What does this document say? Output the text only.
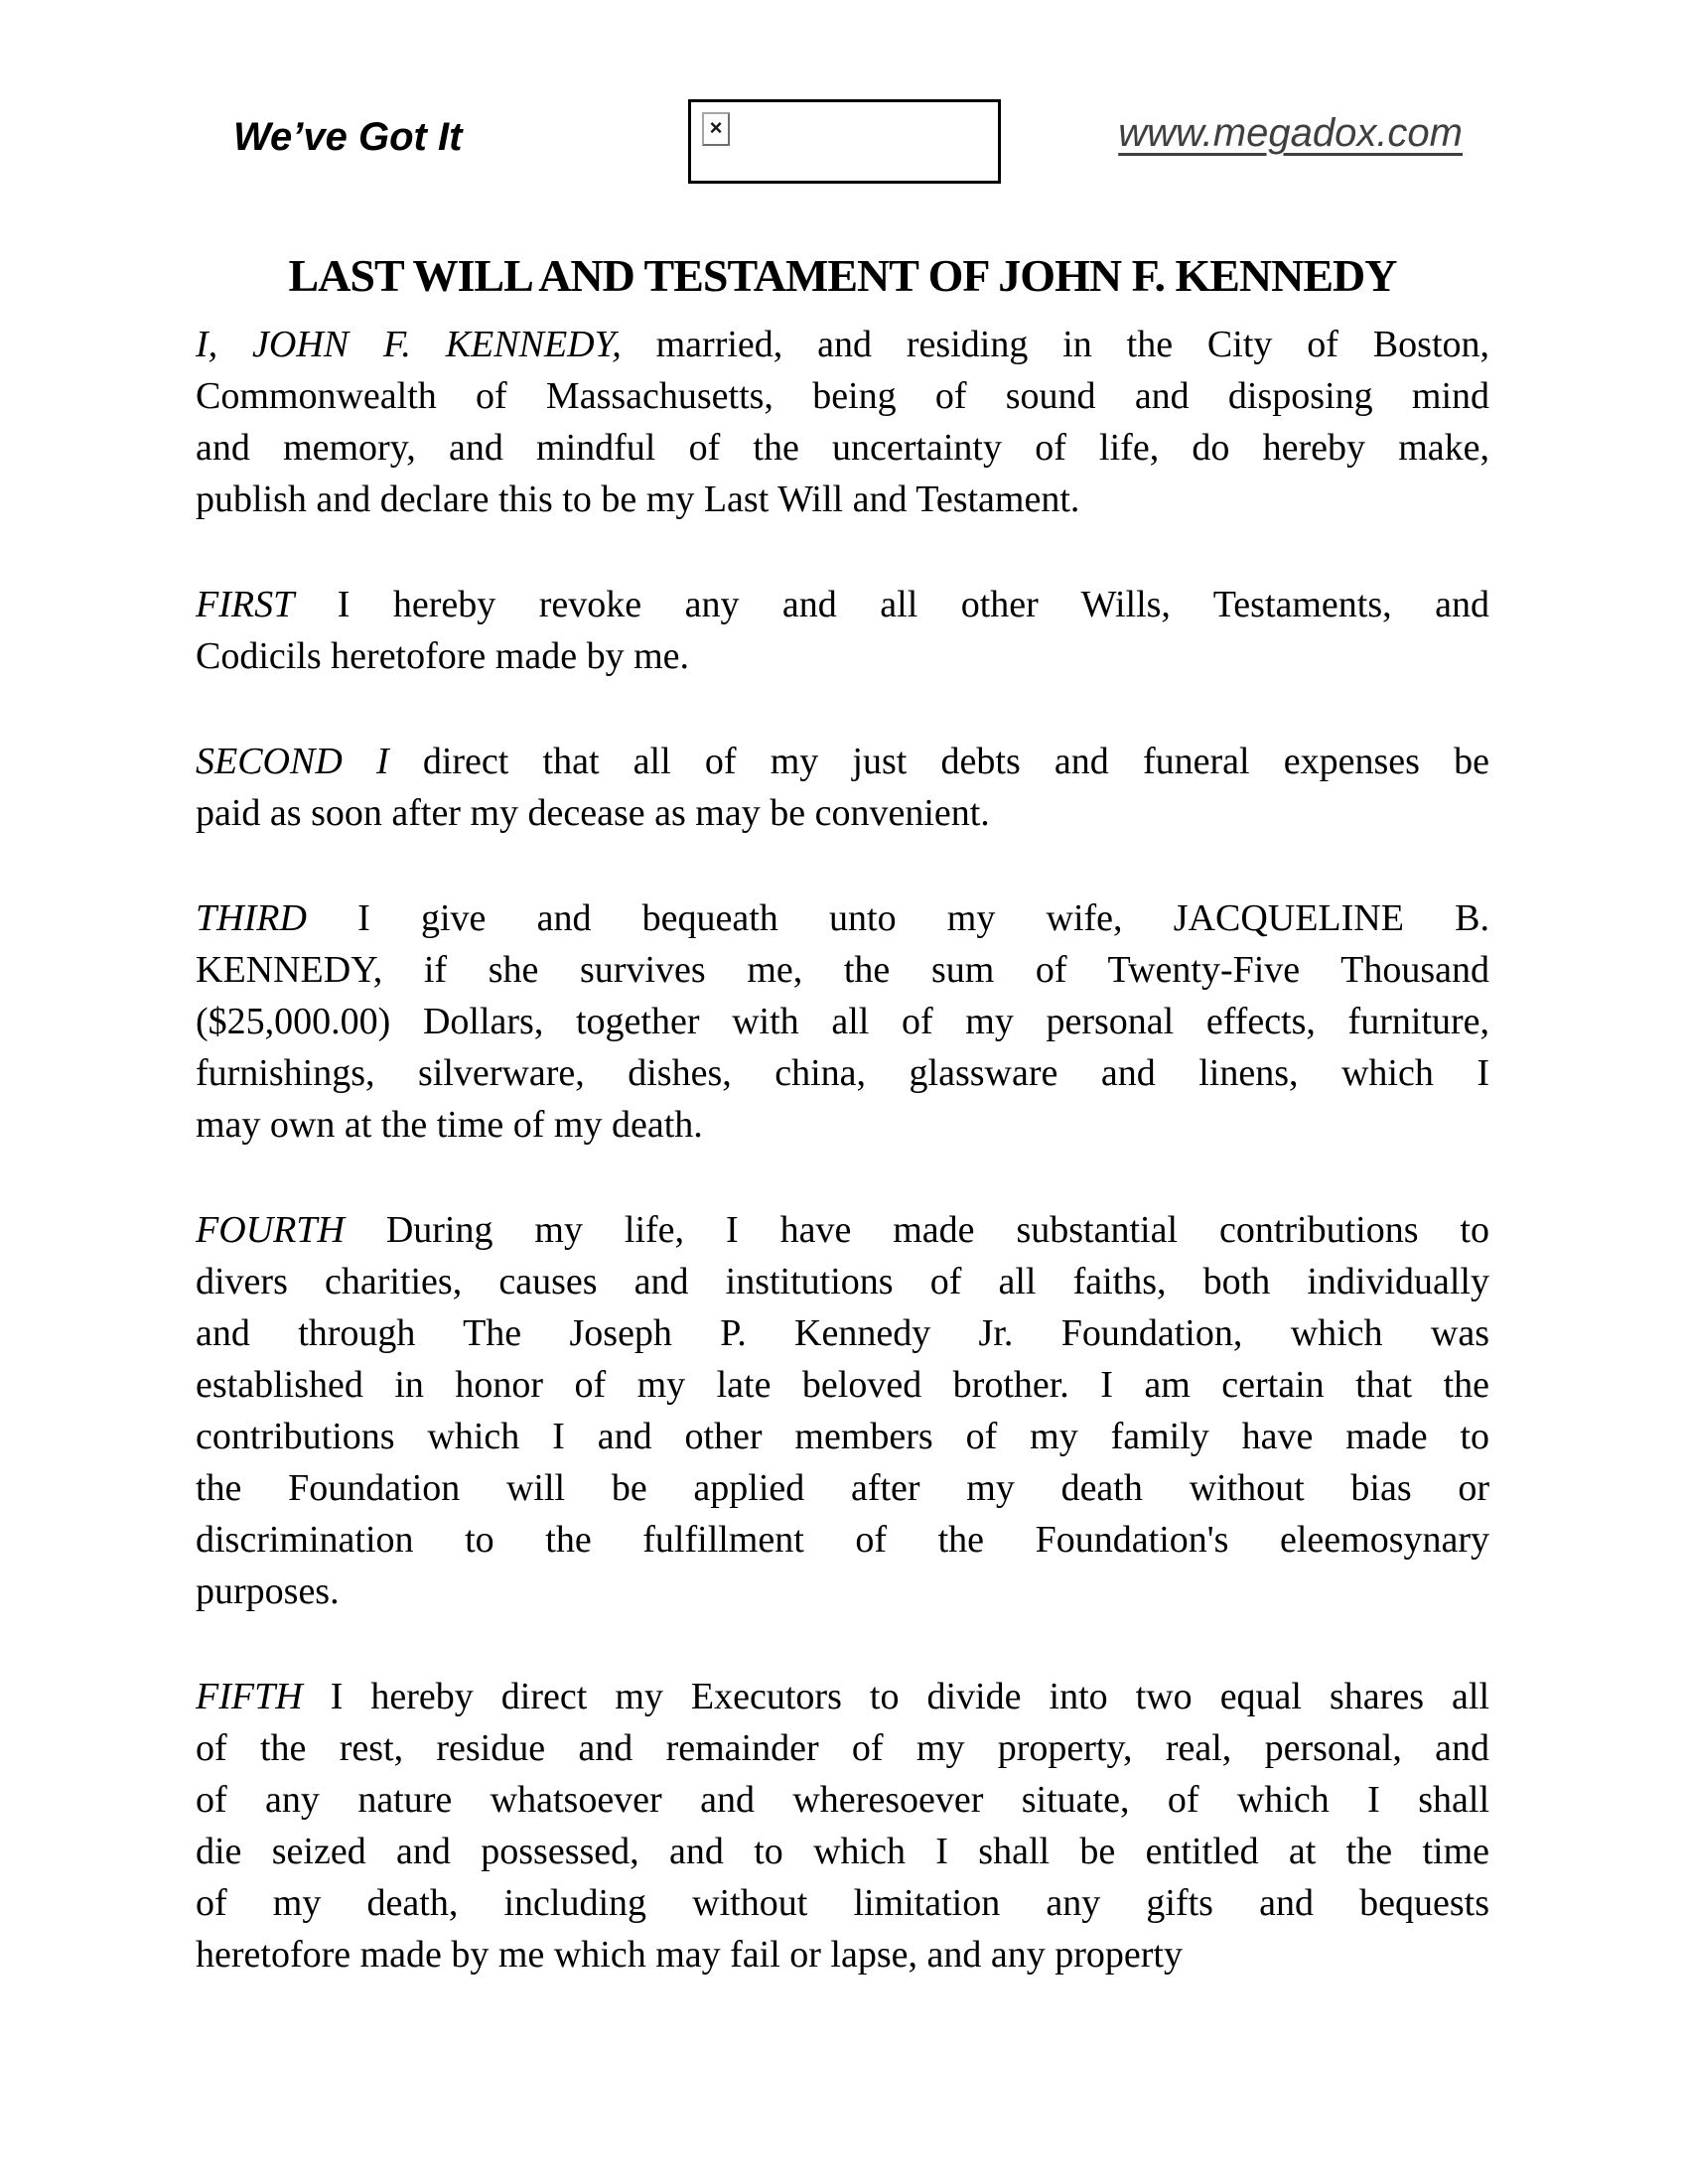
We’ve Got It	×	www.megadox.com
LAST WILL AND TESTAMENT OF JOHN F. KENNEDY
I, JOHN F. KENNEDY, married, and residing in the City of Boston,
Commonwealth of Massachusetts, being of sound and disposing mind
and memory, and mindful of the uncertainty of life, do hereby make,
publish and declare this to be my Last Will and Testament.
FIRST I hereby revoke any and all other Wills, Testaments, and
Codicils heretofore made by me.
SECOND I direct that all of my just debts and funeral expenses be
paid as soon after my decease as may be convenient.
THIRD I give and bequeath unto my wife, JACQUELINE B.
KENNEDY, if she survives me, the sum of Twenty-Five Thousand
($25,000.00) Dollars, together with all of my personal effects, furniture,
furnishings, silverware, dishes, china, glassware and linens, which I
may own at the time of my death.
FOURTH During my life, I have made substantial contributions to
divers charities, causes and institutions of all faiths, both individually
and through The Joseph P. Kennedy Jr. Foundation, which was
established in honor of my late beloved brother. I am certain that the
contributions which I and other members of my family have made to
the Foundation will be applied after my death without bias or
discrimination to the fulfillment of the Foundation's eleemosynary
purposes.
FIFTH I hereby direct my Executors to divide into two equal shares all
of the rest, residue and remainder of my property, real, personal, and
of any nature whatsoever and wheresoever situate, of which I shall
die seized and possessed, and to which I shall be entitled at the time
of my death, including without limitation any gifts and bequests
heretofore made by me which may fail or lapse, and any property
